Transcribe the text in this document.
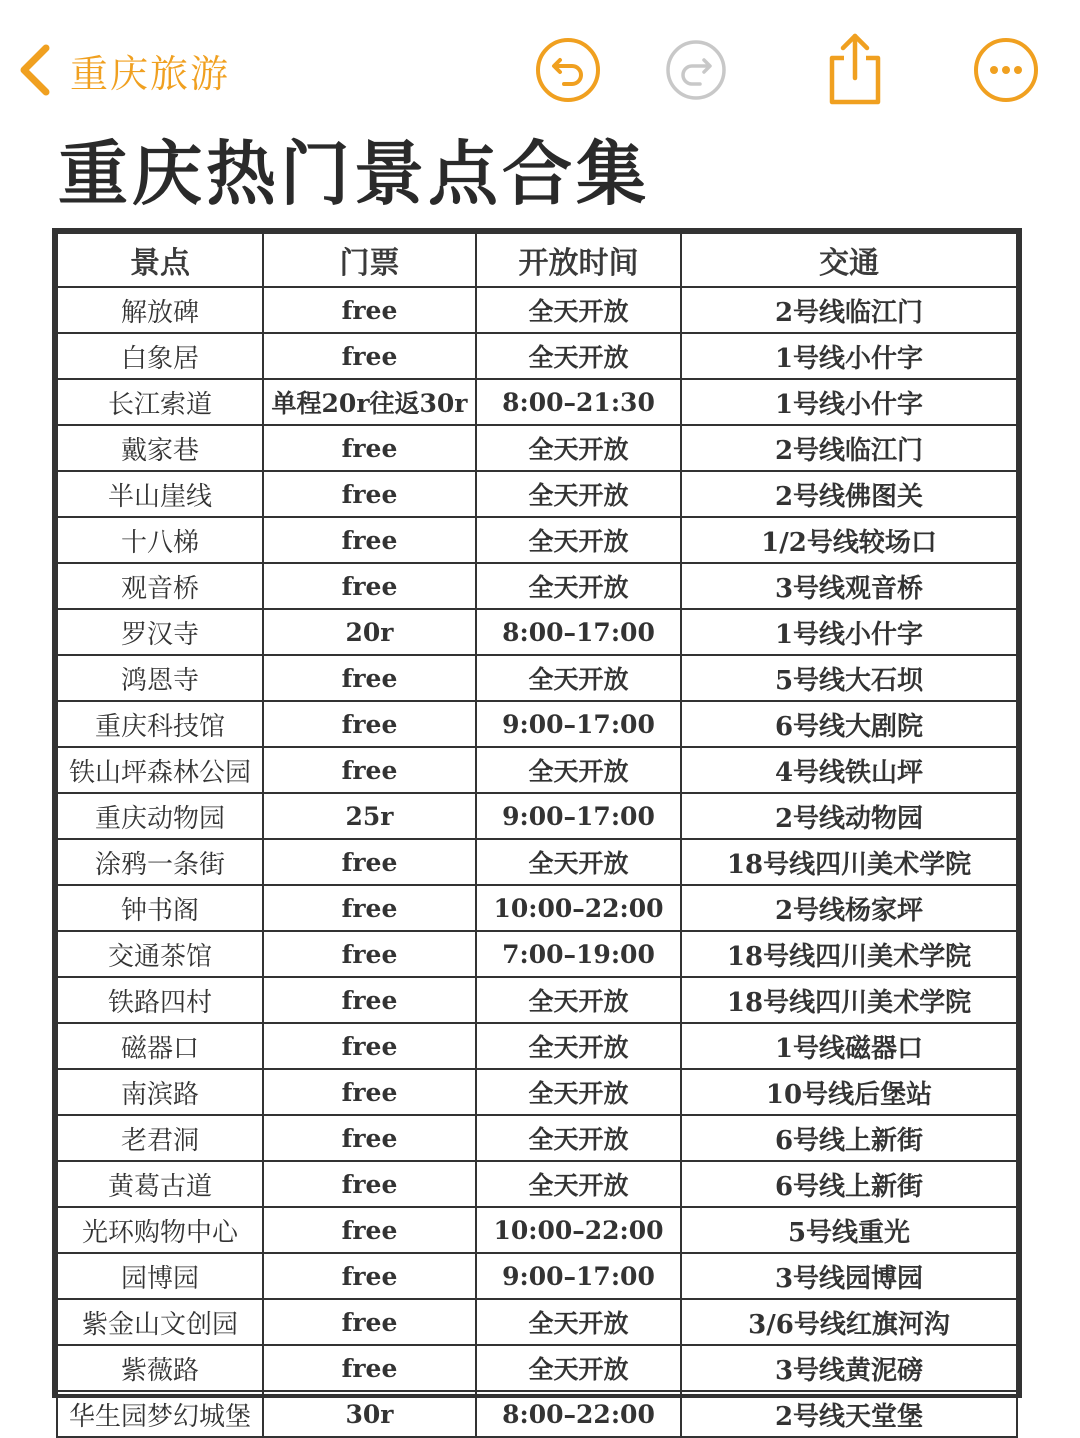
重庆旅游
重庆热门景点合集
景点	门票	开放时间	交通
解放碑	free	全天开放	2号线临江门
白象居	free	全天开放	1号线小什字
长江索道	单程20r往返30r	8:00–21:30	1号线小什字
戴家巷	free	全天开放	2号线临江门
半山崖线	free	全天开放	2号线佛图关
十八梯	free	全天开放	1/2号线较场口
观音桥	free	全天开放	3号线观音桥
罗汉寺	20r	8:00–17:00	1号线小什字
鸿恩寺	free	全天开放	5号线大石坝
重庆科技馆	free	9:00–17:00	6号线大剧院
铁山坪森林公园	free	全天开放	4号线铁山坪
重庆动物园	25r	9:00–17:00	2号线动物园
涂鸦一条街	free	全天开放	18号线四川美术学院
钟书阁	free	10:00–22:00	2号线杨家坪
交通茶馆	free	7:00–19:00	18号线四川美术学院
铁路四村	free	全天开放	18号线四川美术学院
磁器口	free	全天开放	1号线磁器口
南滨路	free	全天开放	10号线后堡站
老君洞	free	全天开放	6号线上新街
黄葛古道	free	全天开放	6号线上新街
光环购物中心	free	10:00–22:00	5号线重光
园博园	free	9:00–17:00	3号线园博园
紫金山文创园	free	全天开放	3/6号线红旗河沟
紫薇路	free	全天开放	3号线黄泥磅
华生园梦幻城堡	30r	8:00–22:00	2号线天堂堡
